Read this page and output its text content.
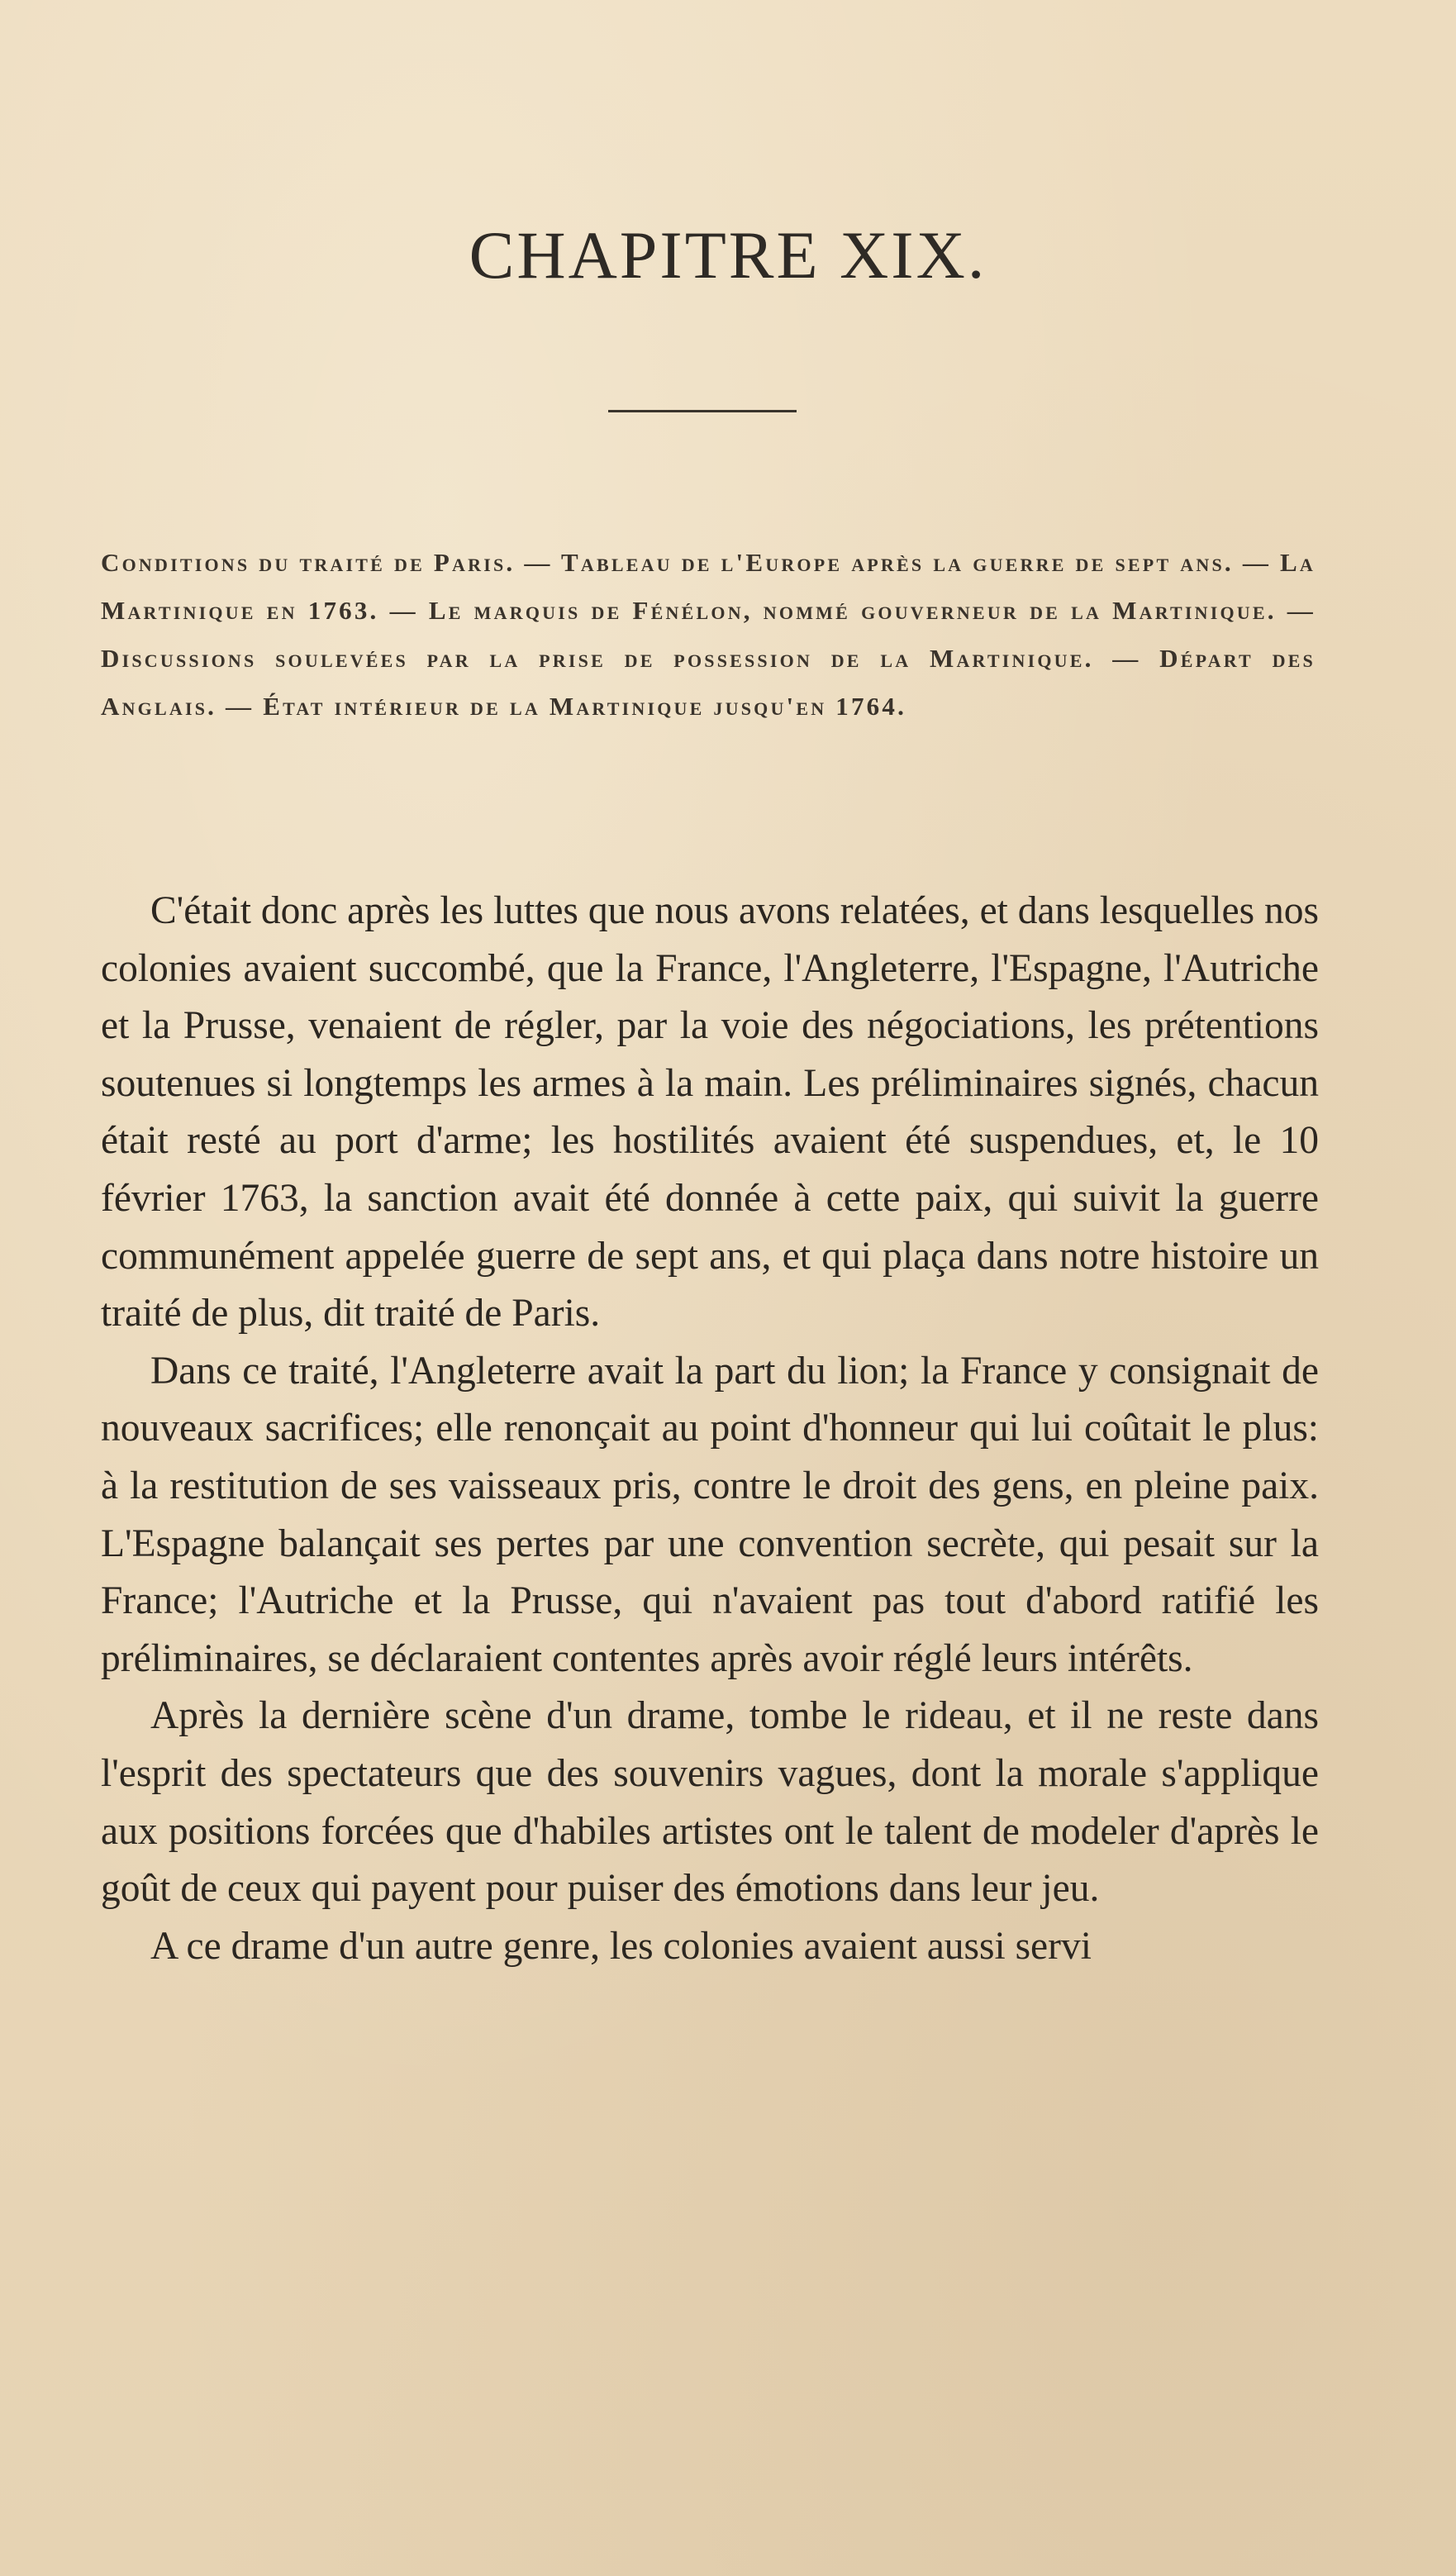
CHAPITRE XIX.
Conditions du traité de Paris. — Tableau de l'Europe après la guerre de sept ans. — La Martinique en 1763. — Le marquis de Fénélon, nommé gouverneur de la Martinique. — Discussions soulevées par la prise de possession de la Martinique. — Départ des Anglais. — État intérieur de la Martinique jusqu'en 1764.

C'était donc après les luttes que nous avons relatées, et dans lesquelles nos colonies avaient succombé, que la France, l'Angleterre, l'Espagne, l'Autriche et la Prusse, venaient de régler, par la voie des négociations, les prétentions soutenues si longtemps les armes à la main. Les préliminaires signés, chacun était resté au port d'arme; les hostilités avaient été suspendues, et, le 10 février 1763, la sanction avait été donnée à cette paix, qui suivit la guerre communément appelée guerre de sept ans, et qui plaça dans notre histoire un traité de plus, dit traité de Paris.

Dans ce traité, l'Angleterre avait la part du lion; la France y consignait de nouveaux sacrifices; elle renonçait au point d'honneur qui lui coûtait le plus: à la restitution de ses vaisseaux pris, contre le droit des gens, en pleine paix. L'Espagne balançait ses pertes par une convention secrète, qui pesait sur la France; l'Autriche et la Prusse, qui n'avaient pas tout d'abord ratifié les préliminaires, se déclaraient contentes après avoir réglé leurs intérêts.

Après la dernière scène d'un drame, tombe le rideau, et il ne reste dans l'esprit des spectateurs que des souvenirs vagues, dont la morale s'applique aux positions forcées que d'habiles artistes ont le talent de modeler d'après le goût de ceux qui payent pour puiser des émotions dans leur jeu.

A ce drame d'un autre genre, les colonies avaient aussi servi
